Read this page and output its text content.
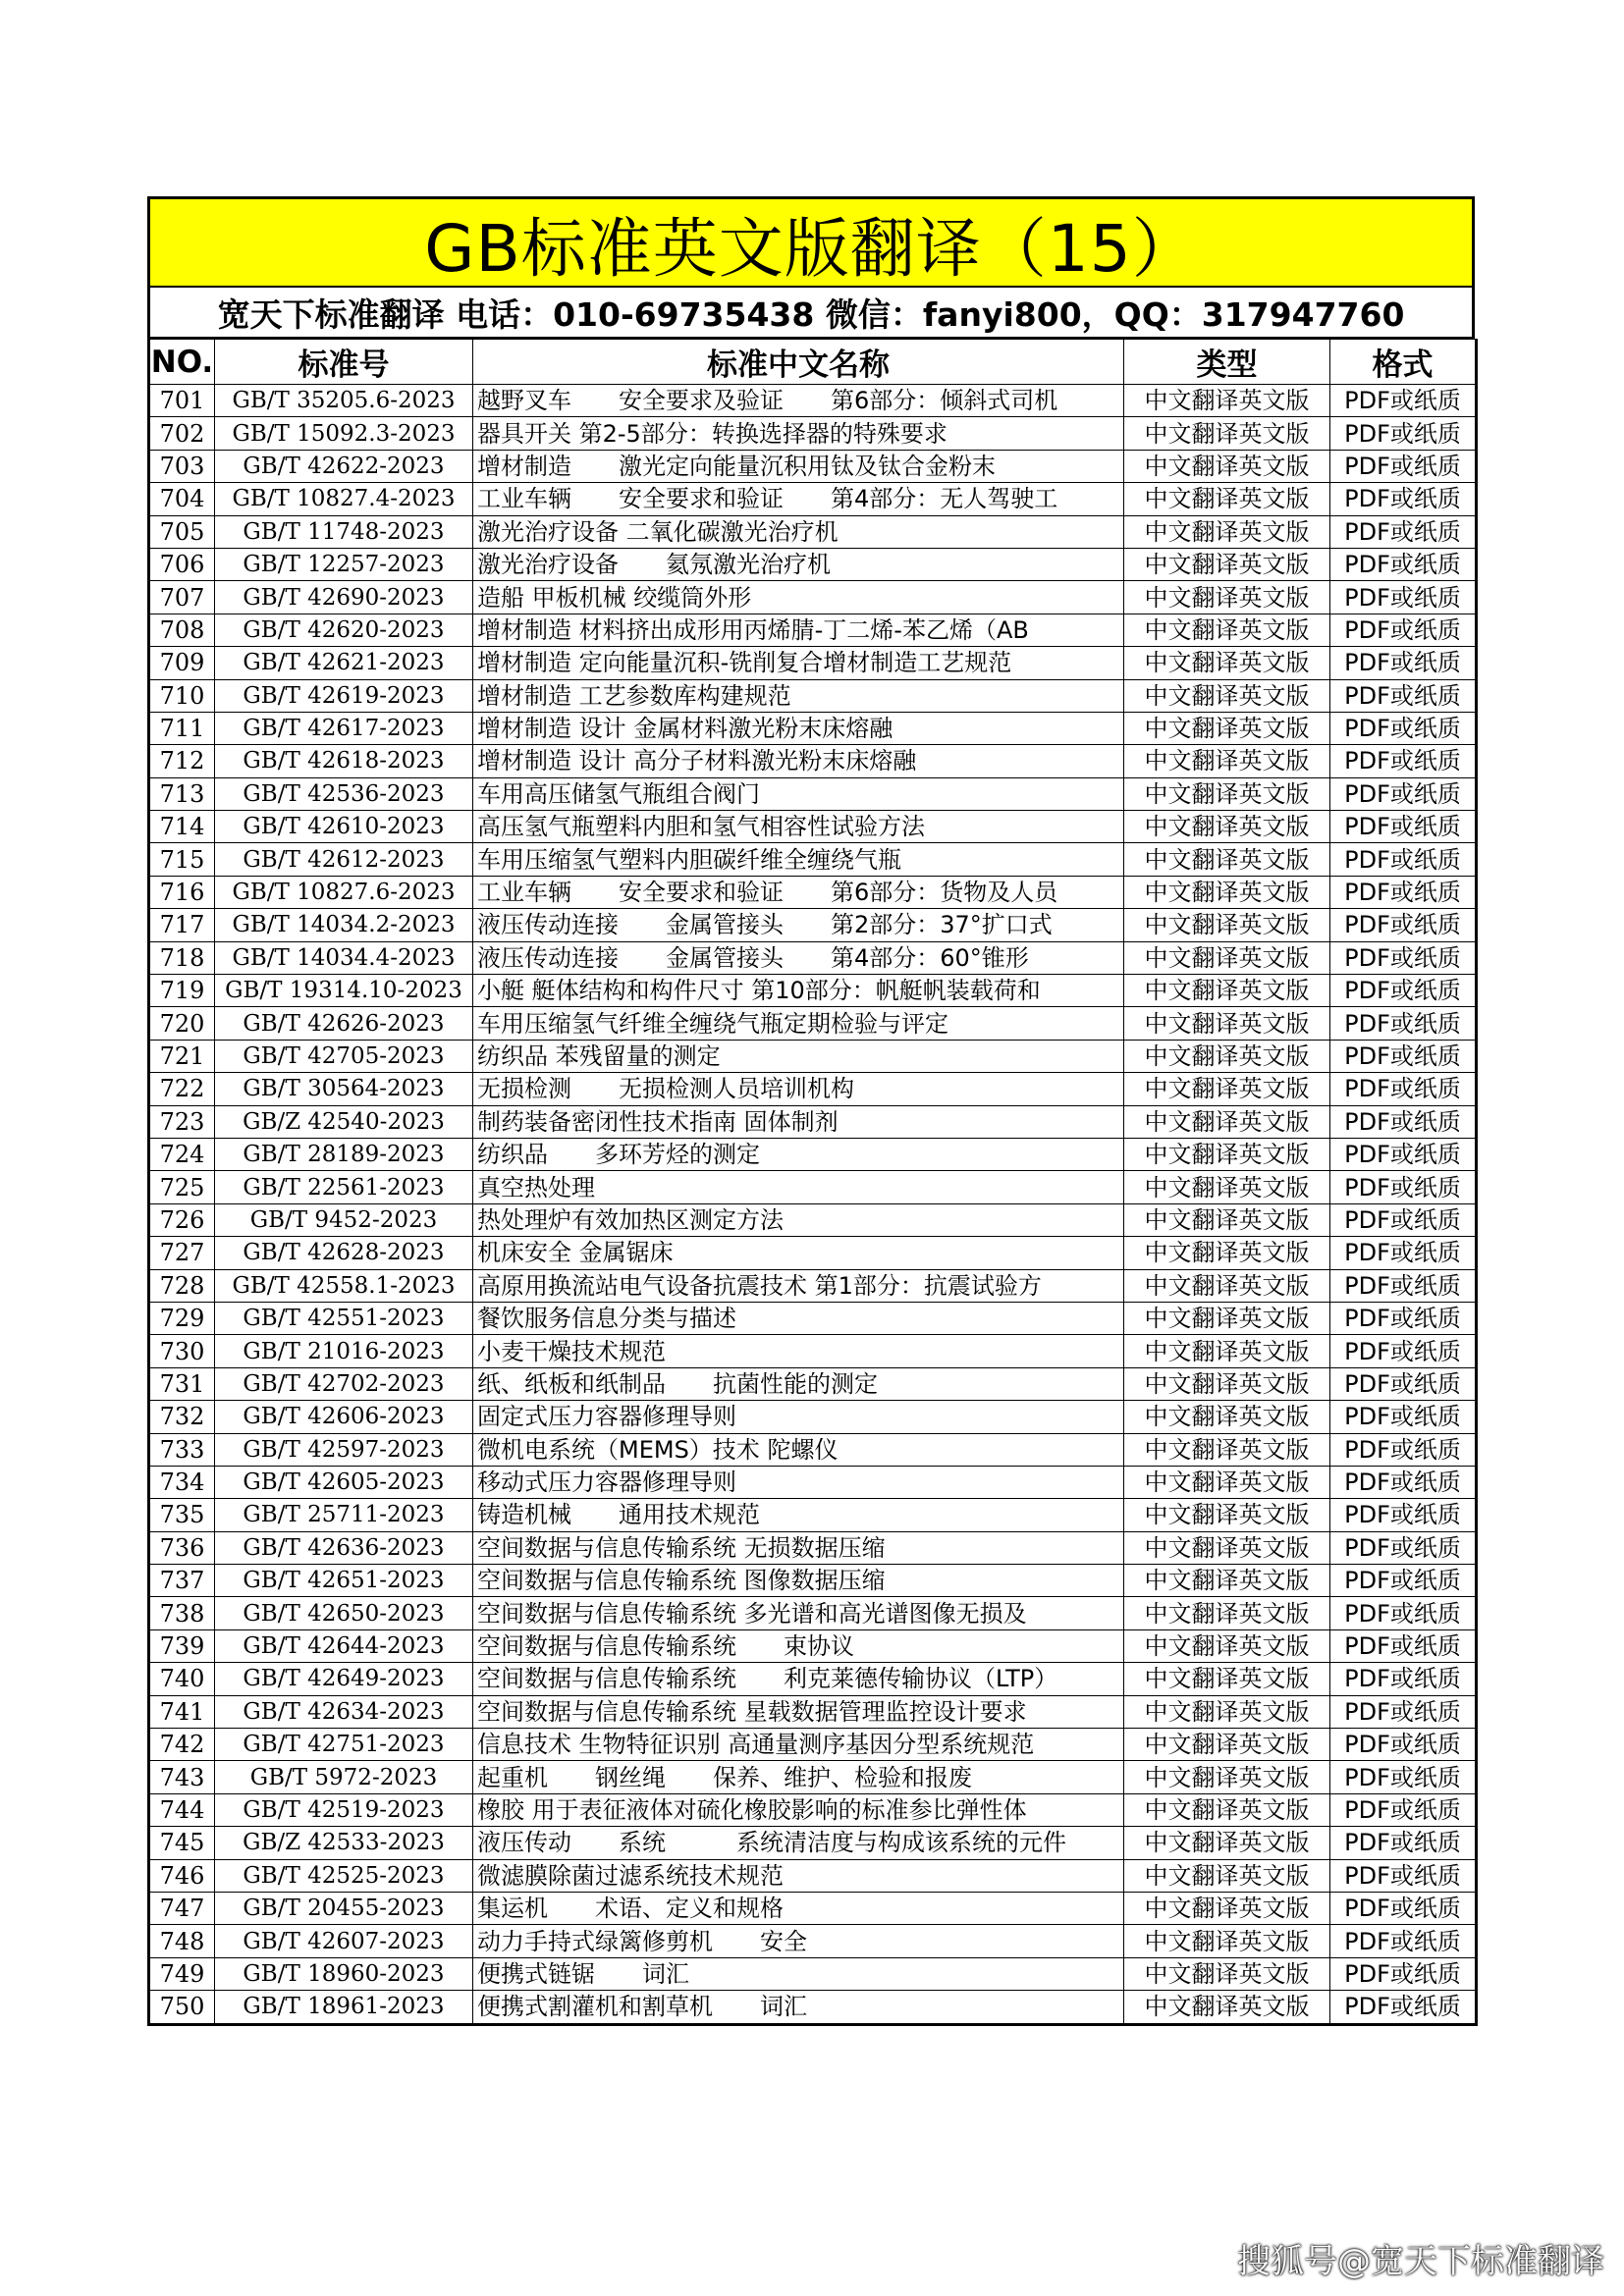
GB标准英文版翻译（15）
宽天下标准翻译 电话：010-69735438 微信：fanyi800，QQ：317947760
NO.	标准号	标准中文名称	类型	格式
701	GB/T 35205.6-2023	越野叉车　　安全要求及验证　　第6部分：倾斜式司机	中文翻译英文版	PDF或纸质
702	GB/T 15092.3-2023	器具开关 第2-5部分：转换选择器的特殊要求	中文翻译英文版	PDF或纸质
703	GB/T 42622-2023	增材制造　　激光定向能量沉积用钛及钛合金粉末	中文翻译英文版	PDF或纸质
704	GB/T 10827.4-2023	工业车辆　　安全要求和验证　　第4部分：无人驾驶工	中文翻译英文版	PDF或纸质
705	GB/T 11748-2023	激光治疗设备 二氧化碳激光治疗机	中文翻译英文版	PDF或纸质
706	GB/T 12257-2023	激光治疗设备　　氦氖激光治疗机	中文翻译英文版	PDF或纸质
707	GB/T 42690-2023	造船 甲板机械 绞缆筒外形	中文翻译英文版	PDF或纸质
708	GB/T 42620-2023	增材制造 材料挤出成形用丙烯腈-丁二烯-苯乙烯（AB	中文翻译英文版	PDF或纸质
709	GB/T 42621-2023	增材制造 定向能量沉积-铣削复合增材制造工艺规范	中文翻译英文版	PDF或纸质
710	GB/T 42619-2023	增材制造 工艺参数库构建规范	中文翻译英文版	PDF或纸质
711	GB/T 42617-2023	增材制造 设计 金属材料激光粉末床熔融	中文翻译英文版	PDF或纸质
712	GB/T 42618-2023	增材制造 设计 高分子材料激光粉末床熔融	中文翻译英文版	PDF或纸质
713	GB/T 42536-2023	车用高压储氢气瓶组合阀门	中文翻译英文版	PDF或纸质
714	GB/T 42610-2023	高压氢气瓶塑料内胆和氢气相容性试验方法	中文翻译英文版	PDF或纸质
715	GB/T 42612-2023	车用压缩氢气塑料内胆碳纤维全缠绕气瓶	中文翻译英文版	PDF或纸质
716	GB/T 10827.6-2023	工业车辆　　安全要求和验证　　第6部分：货物及人员	中文翻译英文版	PDF或纸质
717	GB/T 14034.2-2023	液压传动连接　　金属管接头　　第2部分：37°扩口式	中文翻译英文版	PDF或纸质
718	GB/T 14034.4-2023	液压传动连接　　金属管接头　　第4部分：60°锥形	中文翻译英文版	PDF或纸质
719	GB/T 19314.10-2023	小艇 艇体结构和构件尺寸 第10部分：帆艇帆装载荷和	中文翻译英文版	PDF或纸质
720	GB/T 42626-2023	车用压缩氢气纤维全缠绕气瓶定期检验与评定	中文翻译英文版	PDF或纸质
721	GB/T 42705-2023	纺织品 苯残留量的测定	中文翻译英文版	PDF或纸质
722	GB/T 30564-2023	无损检测　　无损检测人员培训机构	中文翻译英文版	PDF或纸质
723	GB/Z 42540-2023	制药装备密闭性技术指南 固体制剂	中文翻译英文版	PDF或纸质
724	GB/T 28189-2023	纺织品　　多环芳烃的测定	中文翻译英文版	PDF或纸质
725	GB/T 22561-2023	真空热处理	中文翻译英文版	PDF或纸质
726	GB/T 9452-2023	热处理炉有效加热区测定方法	中文翻译英文版	PDF或纸质
727	GB/T 42628-2023	机床安全 金属锯床	中文翻译英文版	PDF或纸质
728	GB/T 42558.1-2023	高原用换流站电气设备抗震技术 第1部分：抗震试验方	中文翻译英文版	PDF或纸质
729	GB/T 42551-2023	餐饮服务信息分类与描述	中文翻译英文版	PDF或纸质
730	GB/T 21016-2023	小麦干燥技术规范	中文翻译英文版	PDF或纸质
731	GB/T 42702-2023	纸、纸板和纸制品　　抗菌性能的测定	中文翻译英文版	PDF或纸质
732	GB/T 42606-2023	固定式压力容器修理导则	中文翻译英文版	PDF或纸质
733	GB/T 42597-2023	微机电系统（MEMS）技术 陀螺仪	中文翻译英文版	PDF或纸质
734	GB/T 42605-2023	移动式压力容器修理导则	中文翻译英文版	PDF或纸质
735	GB/T 25711-2023	铸造机械　　通用技术规范	中文翻译英文版	PDF或纸质
736	GB/T 42636-2023	空间数据与信息传输系统 无损数据压缩	中文翻译英文版	PDF或纸质
737	GB/T 42651-2023	空间数据与信息传输系统 图像数据压缩	中文翻译英文版	PDF或纸质
738	GB/T 42650-2023	空间数据与信息传输系统 多光谱和高光谱图像无损及	中文翻译英文版	PDF或纸质
739	GB/T 42644-2023	空间数据与信息传输系统　　束协议	中文翻译英文版	PDF或纸质
740	GB/T 42649-2023	空间数据与信息传输系统　　利克莱德传输协议（LTP）	中文翻译英文版	PDF或纸质
741	GB/T 42634-2023	空间数据与信息传输系统 星载数据管理监控设计要求	中文翻译英文版	PDF或纸质
742	GB/T 42751-2023	信息技术 生物特征识别 高通量测序基因分型系统规范	中文翻译英文版	PDF或纸质
743	GB/T 5972-2023	起重机　　钢丝绳　　保养、维护、检验和报废	中文翻译英文版	PDF或纸质
744	GB/T 42519-2023	橡胶 用于表征液体对硫化橡胶影响的标准参比弹性体	中文翻译英文版	PDF或纸质
745	GB/Z 42533-2023	液压传动　　系统　　　系统清洁度与构成该系统的元件	中文翻译英文版	PDF或纸质
746	GB/T 42525-2023	微滤膜除菌过滤系统技术规范	中文翻译英文版	PDF或纸质
747	GB/T 20455-2023	集运机　　术语、定义和规格	中文翻译英文版	PDF或纸质
748	GB/T 42607-2023	动力手持式绿篱修剪机　　安全	中文翻译英文版	PDF或纸质
749	GB/T 18960-2023	便携式链锯　　词汇	中文翻译英文版	PDF或纸质
750	GB/T 18961-2023	便携式割灌机和割草机　　词汇	中文翻译英文版	PDF或纸质
搜狐号@宽天下标准翻译
